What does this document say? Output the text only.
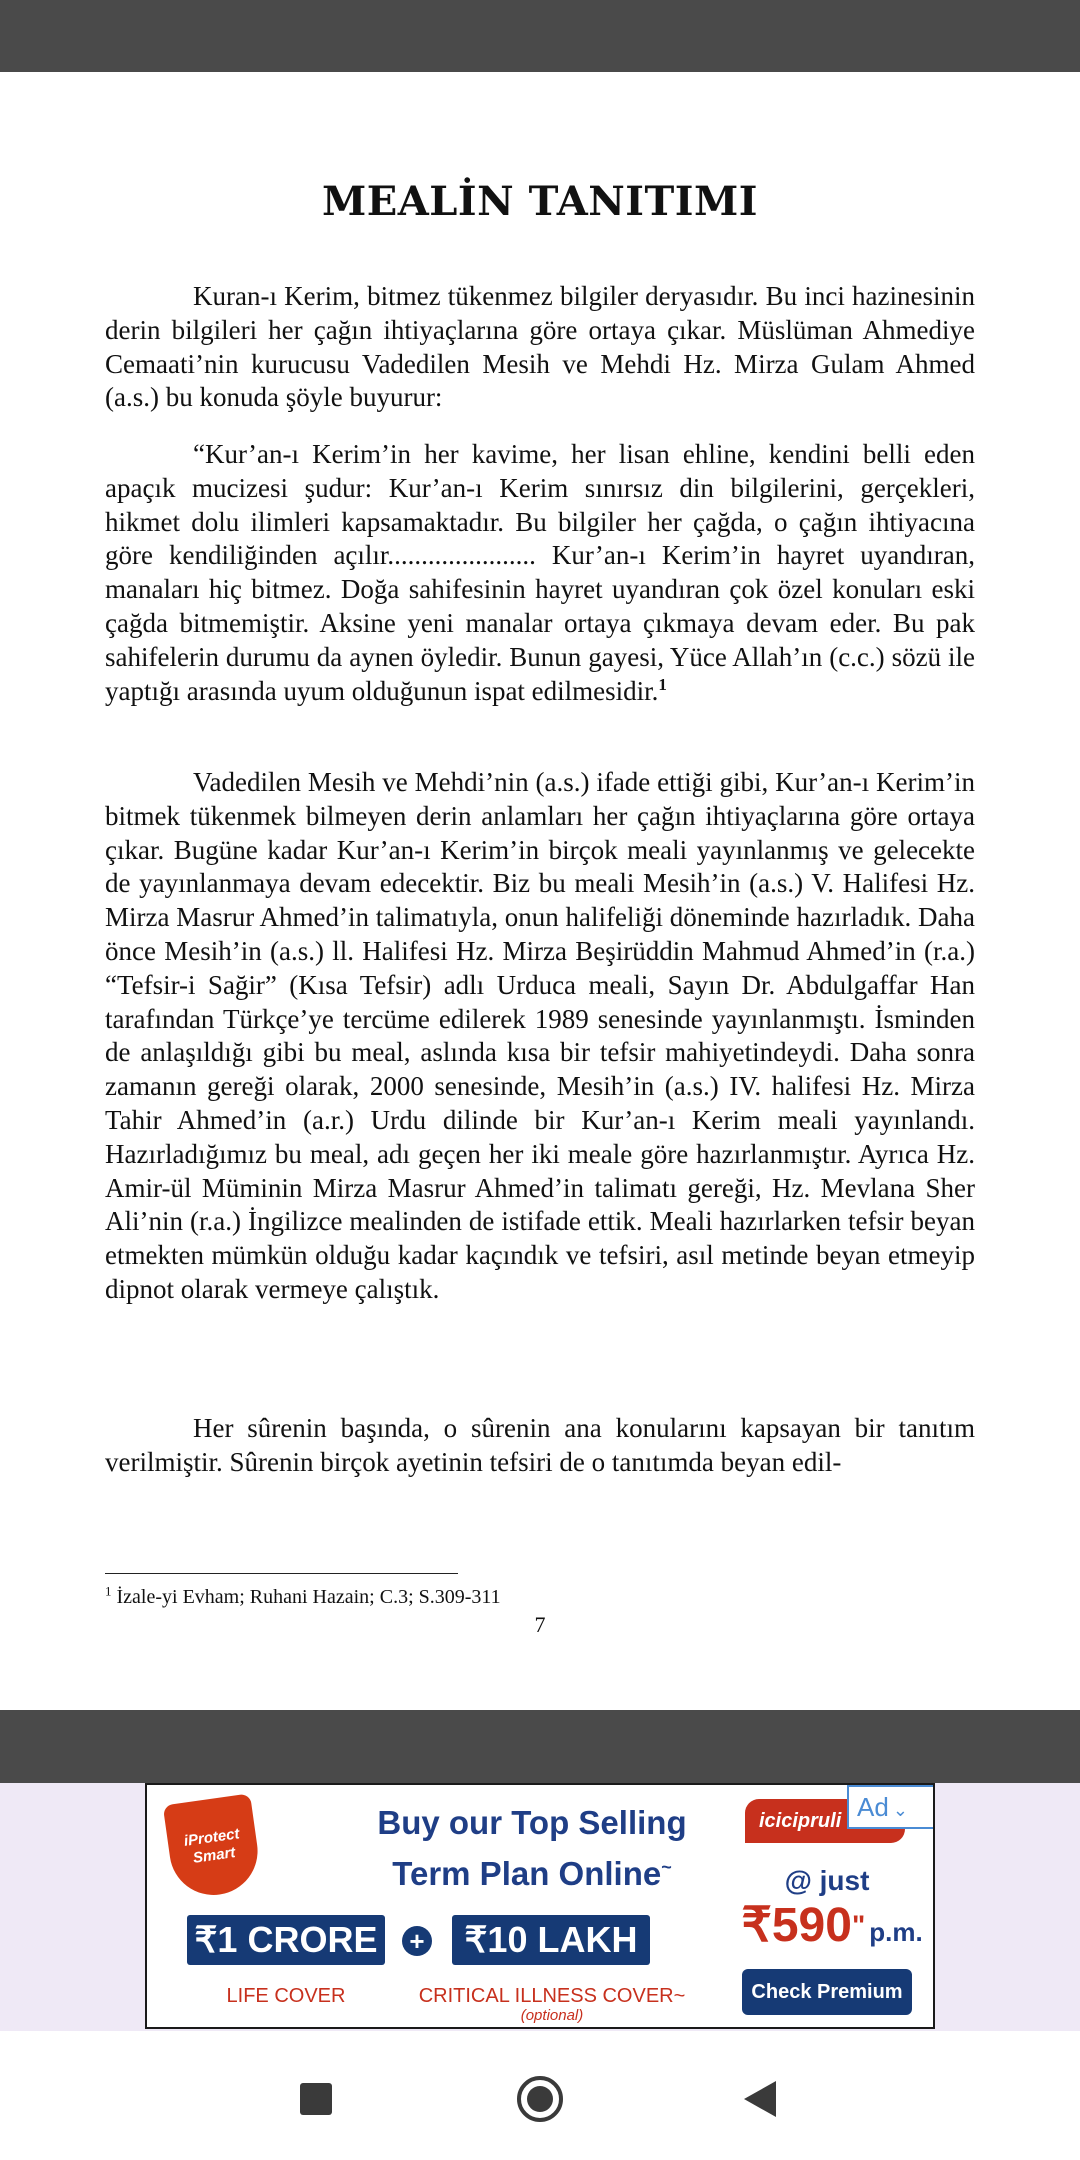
MEALİN TANITIMI

Kuran-ı Kerim, bitmez tükenmez bilgiler deryasıdır. Bu inci hazinesinin derin bilgileri her çağın ihtiyaçlarına göre ortaya çıkar. Müslüman Ahmediye Cemaati’nin kurucusu Vadedilen Mesih ve Mehdi Hz. Mirza Gulam Ahmed (a.s.) bu konuda şöyle buyurur:

“Kur’an-ı Kerim’in her kavime, her lisan ehline, kendini belli eden apaçık mucizesi şudur: Kur’an-ı Kerim sınırsız din bilgilerini, gerçekleri, hikmet dolu ilimleri kapsamaktadır. Bu bilgiler her çağda, o çağın ihtiyacına göre kendiliğinden açılır...................... Kur’an-ı Kerim’in hayret uyandıran, manaları hiç bitmez. Doğa sahifesinin hayret uyandıran çok özel konuları eski çağda bitmemiştir. Aksine yeni manalar ortaya çıkmaya devam eder. Bu pak sahifelerin durumu da aynen öyledir. Bunun gayesi, Yüce Allah’ın (c.c.) sözü ile yaptığı arasında uyum olduğunun ispat edilmesidir.$^1$

Vadedilen Mesih ve Mehdi’nin (a.s.) ifade ettiği gibi, Kur’an-ı Kerim’in bitmek tükenmek bilmeyen derin anlamları her çağın ihtiyaçlarına göre ortaya çıkar. Bugüne kadar Kur’an-ı Kerim’in birçok meali yayınlanmış ve gelecekte de yayınlanmaya devam edecektir. Biz bu meali Mesih’in (a.s.) V. Halifesi Hz. Mirza Masrur Ahmed’in talimatıyla, onun halifeliği döneminde hazırladık. Daha önce Mesih’in (a.s.) ll. Halifesi Hz. Mirza Beşirüddin Mahmud Ahmed’in (r.a.) “Tefsir-i Sağir” (Kısa Tefsir) adlı Urduca meali, Sayın Dr. Abdulgaffar Han tarafından Türkçe’ye tercüme edilerek 1989 senesinde yayınlanmıştı. İsminden de anlaşıldığı gibi bu meal, aslında kısa bir tefsir mahiyetindeydi. Daha sonra zamanın gereği olarak, 2000 senesinde, Mesih’in (a.s.) IV. halifesi Hz. Mirza Tahir Ahmed’in (a.r.) Urdu dilinde bir Kur’an-ı Kerim meali yayınlandı. Hazırladığımız bu meal, adı geçen her iki meale göre hazırlanmıştır. Ayrıca Hz. Amir-ül Müminin Mirza Masrur Ahmed’in talimatı gereği, Hz. Mevlana Sher Ali’nin (r.a.) İngilizce mealinden de istifade ettik. Meali hazırlarken tefsir beyan etmekten mümkün olduğu kadar kaçındık ve tefsiri, asıl metinde beyan etmeyip dipnot olarak vermeye çalıştık.

Her sûrenin başında, o sûrenin ana konularını kapsayan bir tanıtım verilmiştir. Sûrenin birçok ayetinin tefsiri de o tanıtımda beyan edil-

$^1$ İzale-yi Evham; Ruhani Hazain; C.3; S.309-311
7
iProtect
Smart
Buy our Top Selling
Term Plan Online~
₹1 CRORE +	₹10 LAKH
LIFE COVER	CRITICAL ILLNESS COVER~
(optional)
icicipruli Ad ⌄
@ just
₹590" p.m.
Check Premium
